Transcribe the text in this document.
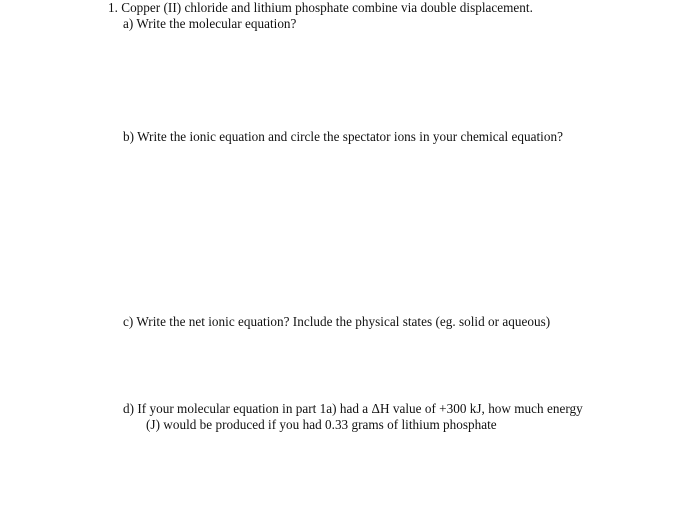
1. Copper (II) chloride and lithium phosphate combine via double displacement.
a) Write the molecular equation?
b) Write the ionic equation and circle the spectator ions in your chemical equation?
c) Write the net ionic equation? Include the physical states (eg. solid or aqueous)
d) If your molecular equation in part 1a) had a ΔH value of +300 kJ, how much energy
(J) would be produced if you had 0.33 grams of lithium phosphate
